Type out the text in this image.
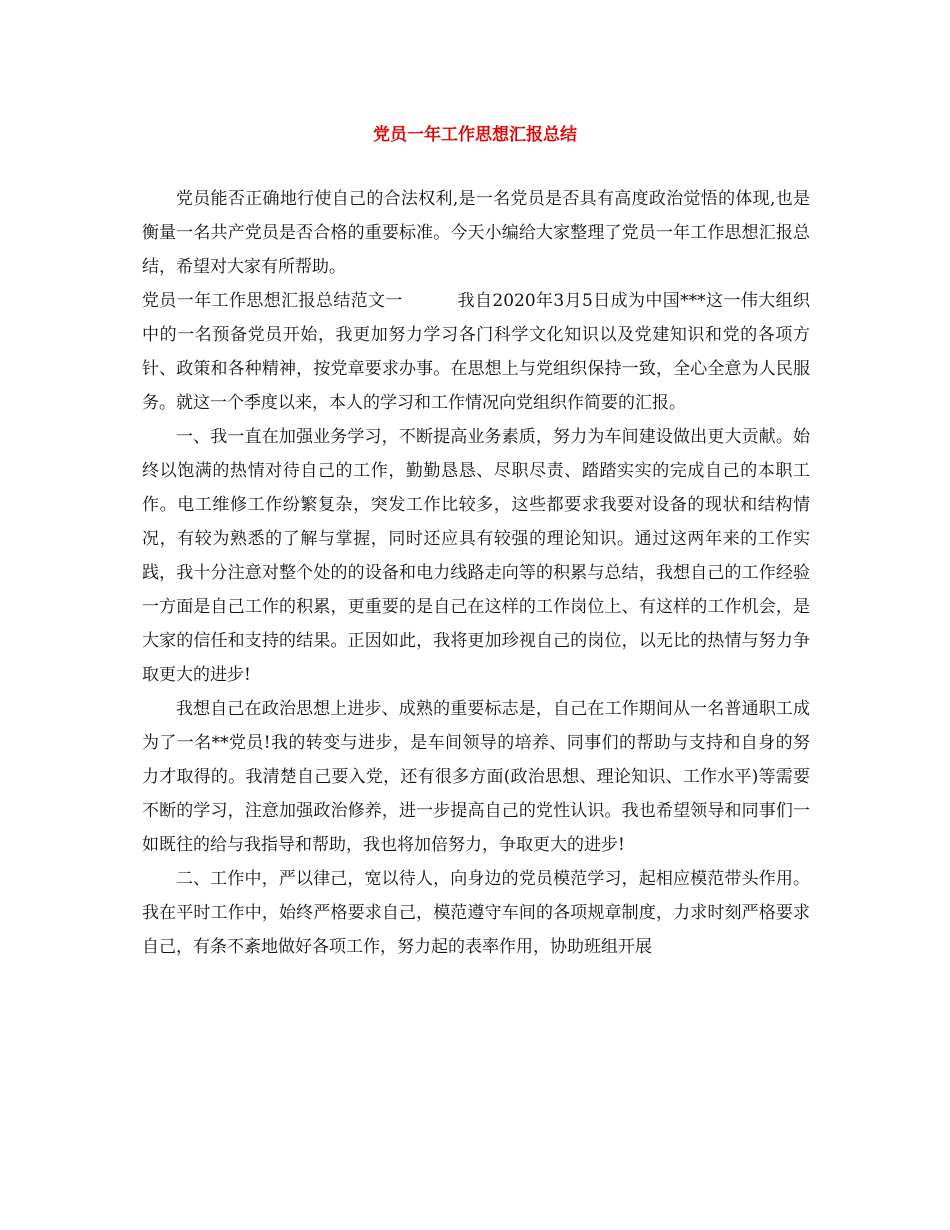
党员一年工作思想汇报总结

党员能否正确地行使自己的合法权利,是一名党员是否具有高度政治觉悟的体现,也是衡量一名共产党员是否合格的重要标准。今天小编给大家整理了党员一年工作思想汇报总结，希望对大家有所帮助。

党员一年工作思想汇报总结范文一	我自2020年3月5日成为中国***这一伟大组织中的一名预备党员开始，我更加努力学习各门科学文化知识以及党建知识和党的各项方针、政策和各种精神，按党章要求办事。在思想上与党组织保持一致，全心全意为人民服务。就这一个季度以来，本人的学习和工作情况向党组织作简要的汇报。

一、我一直在加强业务学习，不断提高业务素质，努力为车间建设做出更大贡献。始终以饱满的热情对待自己的工作，勤勤恳恳、尽职尽责、踏踏实实的完成自己的本职工作。电工维修工作纷繁复杂，突发工作比较多，这些都要求我要对设备的现状和结构情况，有较为熟悉的了解与掌握，同时还应具有较强的理论知识。通过这两年来的工作实践，我十分注意对整个处的的设备和电力线路走向等的积累与总结，我想自己的工作经验一方面是自己工作的积累，更重要的是自己在这样的工作岗位上、有这样的工作机会，是大家的信任和支持的结果。正因如此，我将更加珍视自己的岗位，以无比的热情与努力争取更大的进步!

我想自己在政治思想上进步、成熟的重要标志是，自己在工作期间从一名普通职工成为了一名**党员!我的转变与进步，是车间领导的培养、同事们的帮助与支持和自身的努力才取得的。我清楚自己要入党，还有很多方面(政治思想、理论知识、工作水平)等需要不断的学习，注意加强政治修养，进一步提高自己的党性认识。我也希望领导和同事们一如既往的给与我指导和帮助，我也将加倍努力，争取更大的进步!

二、工作中，严以律己，宽以待人，向身边的党员模范学习，起相应模范带头作用。我在平时工作中，始终严格要求自己，模范遵守车间的各项规章制度，力求时刻严格要求自己，有条不紊地做好各项工作，努力起的表率作用，协助班组开展
